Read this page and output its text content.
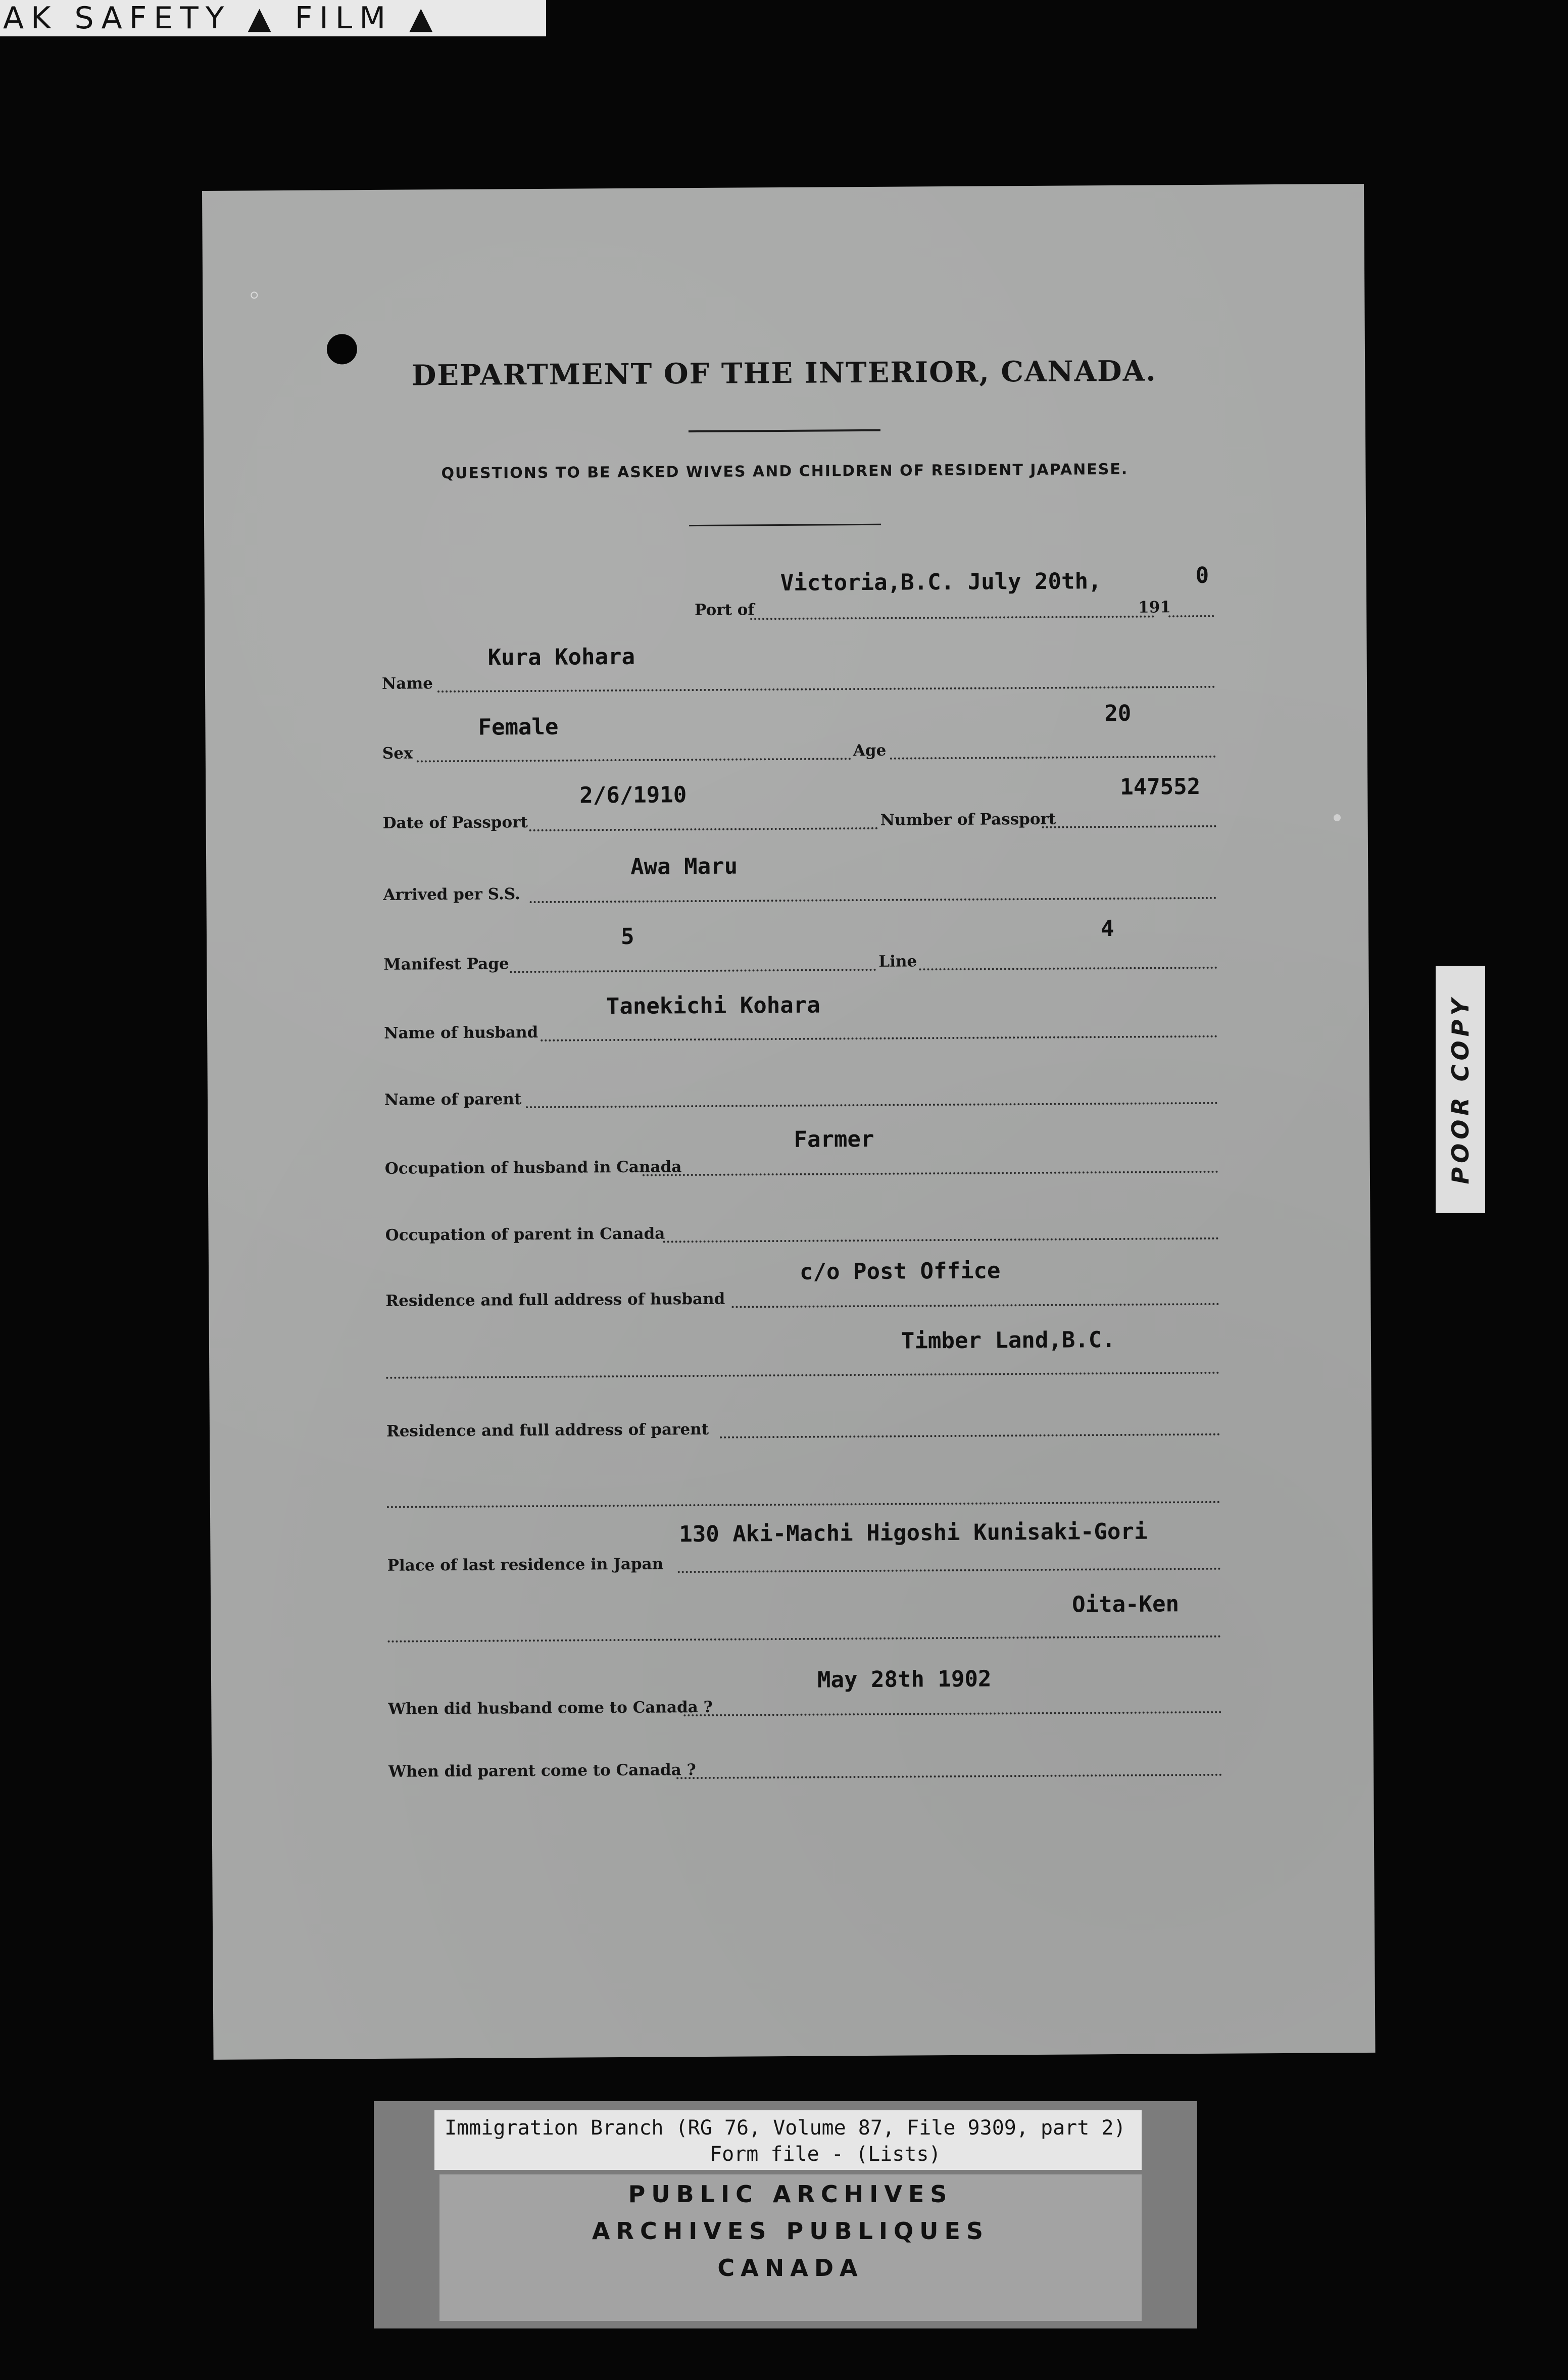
AK SAFETY ▲ FILM ▲
DEPARTMENT OF THE INTERIOR, CANADA.
QUESTIONS TO BE ASKED WIVES AND CHILDREN OF RESIDENT JAPANESE.
Port of
Victoria,B.C. July 20th,
191
0
Name
Kura Kohara
Sex
Female
Age
20
Date of Passport
2/6/1910
Number of Passport
147552
Arrived per S.S.
Awa Maru
Manifest Page
5
Line
4
Name of husband
Tanekichi Kohara
Name of parent
Occupation of husband in Canada
Farmer
Occupation of parent in Canada
Residence and full address of husband
c/o Post Office
Timber Land,B.C.
Residence and full address of parent
Place of last residence in Japan
130 Aki-Machi Higoshi Kunisaki-Gori
Oita-Ken
When did husband come to Canada ?
May 28th 1902
When did parent come to Canada ?
POOR COPY
Immigration Branch (RG 76, Volume 87, File 9309, part 2)
Form file - (Lists)
PUBLIC ARCHIVES
ARCHIVES PUBLIQUES
CANADA
